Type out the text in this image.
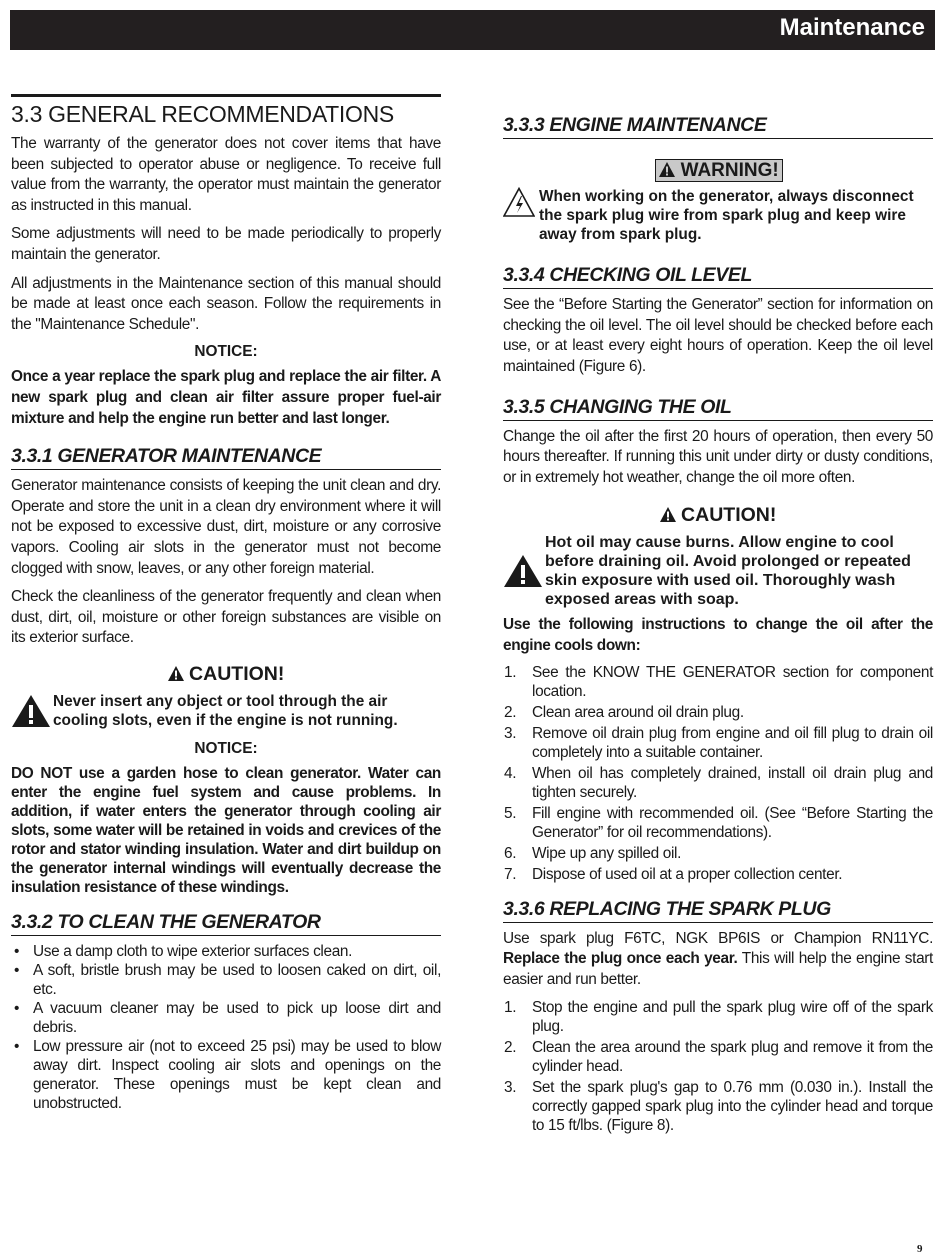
Maintenance
3.3 GENERAL RECOMMENDATIONS

The warranty of the generator does not cover items that have been subjected to operator abuse or negligence. To receive full value from the warranty, the operator must maintain the generator as instructed in this manual.

Some adjustments will need to be made periodically to properly maintain the generator.

All adjustments in the Maintenance section of this manual should be made at least once each season. Follow the requirements in the "Maintenance Schedule".

NOTICE:

Once a year replace the spark plug and replace the air filter. A new spark plug and clean air filter assure proper fuel-air mixture and help the engine run better and last longer.

3.3.1 GENERATOR MAINTENANCE

Generator maintenance consists of keeping the unit clean and dry. Operate and store the unit in a clean dry environment where it will not be exposed to excessive dust, dirt, moisture or any corrosive vapors. Cooling air slots in the generator must not become clogged with snow, leaves, or any other foreign material.

Check the cleanliness of the generator frequently and clean when dust, dirt, oil, moisture or other foreign substances are visible on its exterior surface.

CAUTION!

Never insert any object or tool through the air cooling slots, even if the engine is not running.

NOTICE:

DO NOT use a garden hose to clean generator. Water can enter the engine fuel system and cause problems. In addition, if water enters the generator through cooling air slots, some water will be retained in voids and crevices of the rotor and stator winding insulation. Water and dirt buildup on the generator internal windings will eventually decrease the insulation resistance of these windings.

3.3.2 TO CLEAN THE GENERATOR
• Use a damp cloth to wipe exterior surfaces clean.
• A soft, bristle brush may be used to loosen caked on dirt, oil, etc.
• A vacuum cleaner may be used to pick up loose dirt and debris.
• Low pressure air (not to exceed 25 psi) may be used to blow away dirt. Inspect cooling air slots and openings on the generator. These openings must be kept clean and unobstructed.
3.3.3 ENGINE MAINTENANCE
WARNING!

When working on the generator, always disconnect the spark plug wire from spark plug and keep wire away from spark plug.

3.3.4 CHECKING OIL LEVEL

See the “Before Starting the Generator” section for information on checking the oil level. The oil level should be checked before each use, or at least every eight hours of operation. Keep the oil level maintained (Figure 6).

3.3.5 CHANGING THE OIL

Change the oil after the first 20 hours of operation, then every 50 hours thereafter. If running this unit under dirty or dusty conditions, or in extremely hot weather, change the oil more often.

CAUTION!

Hot oil may cause burns. Allow engine to cool before draining oil. Avoid prolonged or repeated skin exposure with used oil. Thoroughly wash exposed areas with soap.

Use the following instructions to change the oil after the engine cools down:

1.	See the KNOW THE GENERATOR section for component location.
2.	Clean area around oil drain plug.
3.	Remove oil drain plug from engine and oil fill plug to drain oil completely into a suitable container.
4.	When oil has completely drained, install oil drain plug and tighten securely.
5.	Fill engine with recommended oil. (See “Before Starting the Generator” for oil recommendations).
6.	Wipe up any spilled oil.
7.	Dispose of used oil at a proper collection center.
3.3.6 REPLACING THE SPARK PLUG

Use spark plug F6TC, NGK BP6IS or Champion RN11YC. Replace the plug once each year. This will help the engine start easier and run better.

1.	Stop the engine and pull the spark plug wire off of the spark plug.
2.	Clean the area around the spark plug and remove it from the cylinder head.
3.	Set the spark plug's gap to 0.76 mm (0.030 in.). Install the correctly gapped spark plug into the cylinder head and torque to 15 ft/lbs. (Figure 8).
9
